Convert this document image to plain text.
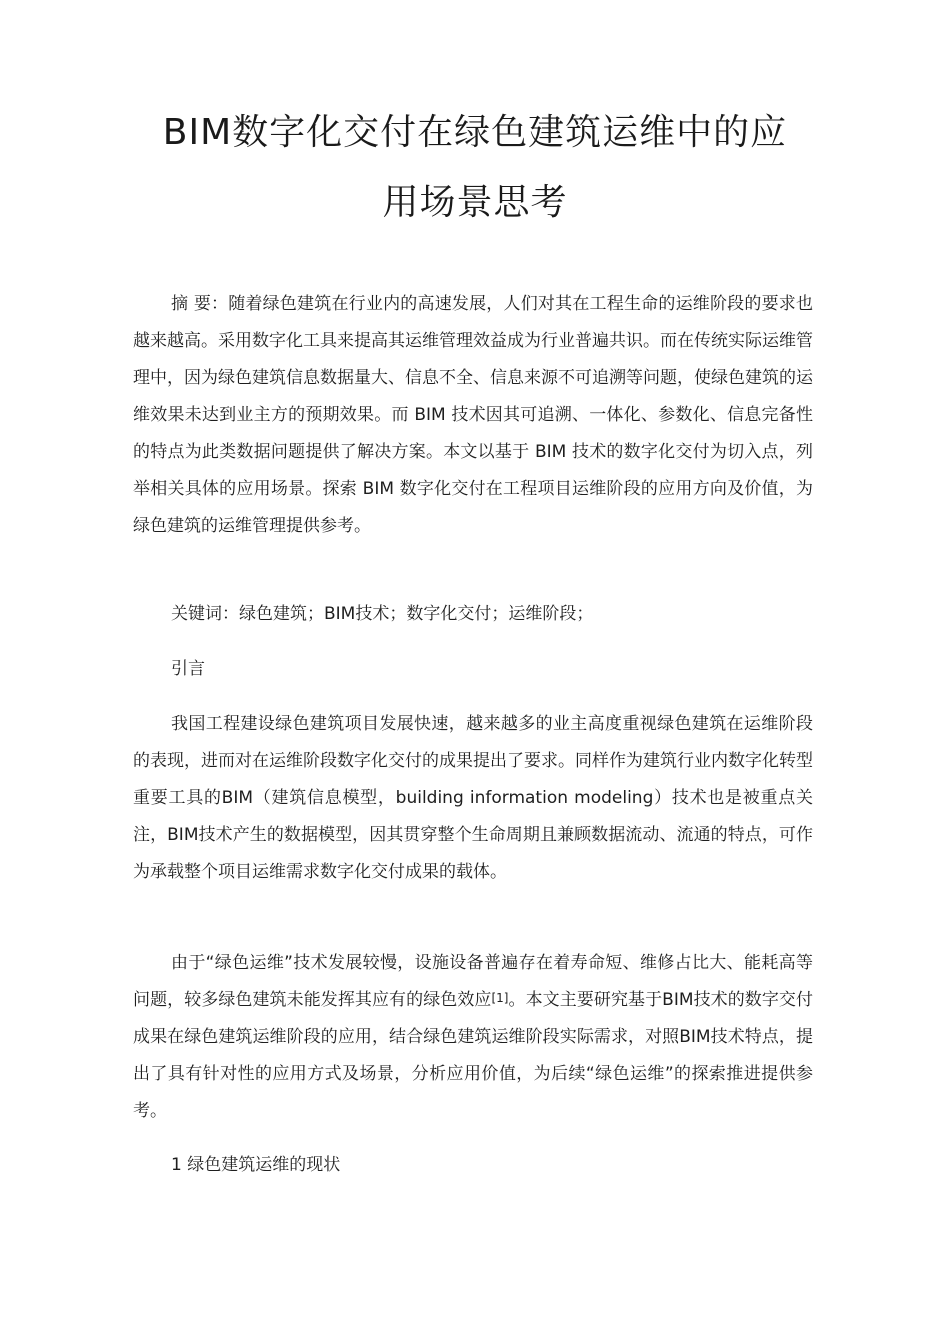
BIM数字化交付在绿色建筑运维中的应
用场景思考

摘 要：随着绿色建筑在行业内的高速发展，人们对其在工程生命的运维阶段的要求也越来越高。采用数字化工具来提高其运维管理效益成为行业普遍共识。而在传统实际运维管理中，因为绿色建筑信息数据量大、信息不全、信息来源不可追溯等问题，使绿色建筑的运维效果未达到业主方的预期效果。而 BIM 技术因其可追溯、一体化、参数化、信息完备性的特点为此类数据问题提供了解决方案。本文以基于 BIM 技术的数字化交付为切入点，列举相关具体的应用场景。探索 BIM 数字化交付在工程项目运维阶段的应用方向及价值，为绿色建筑的运维管理提供参考。

关键词：绿色建筑；BIM技术；数字化交付；运维阶段；

引言

我国工程建设绿色建筑项目发展快速，越来越多的业主高度重视绿色建筑在运维阶段的表现，进而对在运维阶段数字化交付的成果提出了要求。同样作为建筑行业内数字化转型重要工具的BIM（建筑信息模型，building information modeling）技术也是被重点关注，BIM技术产生的数据模型，因其贯穿整个生命周期且兼顾数据流动、流通的特点，可作为承载整个项目运维需求数字化交付成果的载体。

由于“绿色运维”技术发展较慢，设施设备普遍存在着寿命短、维修占比大、能耗高等问题，较多绿色建筑未能发挥其应有的绿色效应[1]。本文主要研究基于BIM技术的数字交付成果在绿色建筑运维阶段的应用，结合绿色建筑运维阶段实际需求，对照BIM技术特点，提出了具有针对性的应用方式及场景，分析应用价值，为后续“绿色运维”的探索推进提供参考。

1 绿色建筑运维的现状
